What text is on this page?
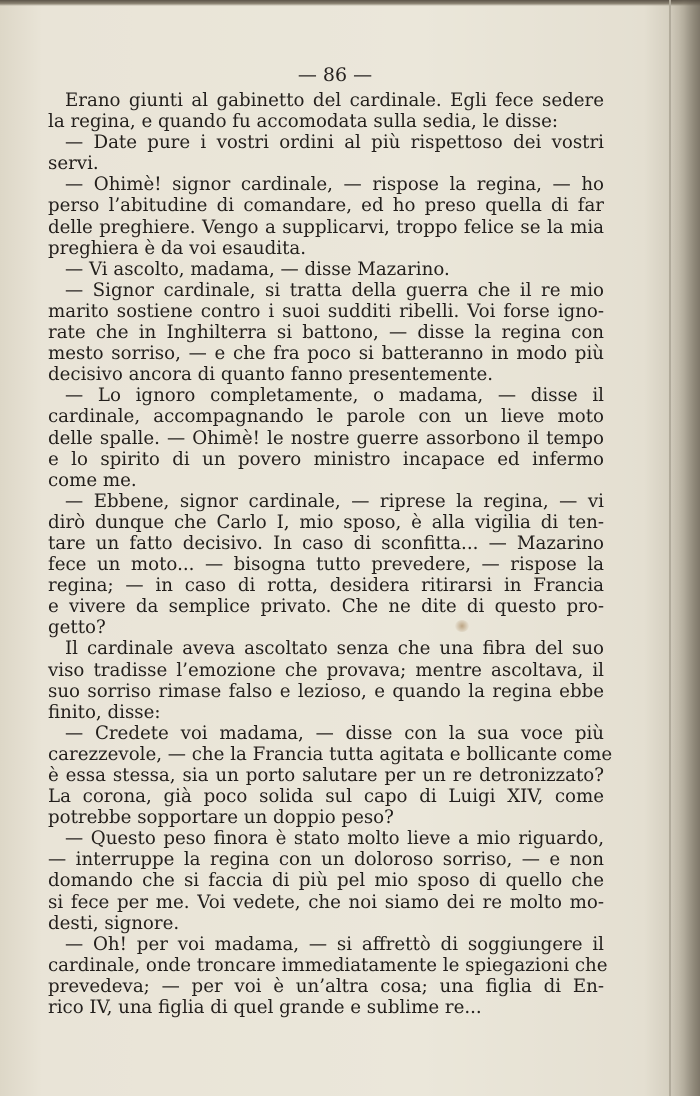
— 86 —
Erano giunti al gabinetto del cardinale. Egli fece sedere
la regina, e quando fu accomodata sulla sedia, le disse:
— Date pure i vostri ordini al più rispettoso dei vostri
servi.
— Ohimè! signor cardinale, — rispose la regina, — ho
perso l’abitudine di comandare, ed ho preso quella di far
delle preghiere. Vengo a supplicarvi, troppo felice se la mia
preghiera è da voi esaudita.
— Vi ascolto, madama, — disse Mazarino.
— Signor cardinale, si tratta della guerra che il re mio
marito sostiene contro i suoi sudditi ribelli. Voi forse igno-
rate che in Inghilterra si battono, — disse la regina con
mesto sorriso, — e che fra poco si batteranno in modo più
decisivo ancora di quanto fanno presentemente.
— Lo ignoro completamente, o madama, — disse il
cardinale, accompagnando le parole con un lieve moto
delle spalle. — Ohimè! le nostre guerre assorbono il tempo
e lo spirito di un povero ministro incapace ed infermo
come me.
— Ebbene, signor cardinale, — riprese la regina, — vi
dirò dunque che Carlo I, mio sposo, è alla vigilia di ten-
tare un fatto decisivo. In caso di sconfitta... — Mazarino
fece un moto... — bisogna tutto prevedere, — rispose la
regina; — in caso di rotta, desidera ritirarsi in Francia
e vivere da semplice privato. Che ne dite di questo pro-
getto?
Il cardinale aveva ascoltato senza che una fibra del suo
viso tradisse l’emozione che provava; mentre ascoltava, il
suo sorriso rimase falso e lezioso, e quando la regina ebbe
finito, disse:
— Credete voi madama, — disse con la sua voce più
carezzevole, — che la Francia tutta agitata e bollicante come
è essa stessa, sia un porto salutare per un re detronizzato?
La corona, già poco solida sul capo di Luigi XIV, come
potrebbe sopportare un doppio peso?
— Questo peso finora è stato molto lieve a mio riguardo,
— interruppe la regina con un doloroso sorriso, — e non
domando che si faccia di più pel mio sposo di quello che
si fece per me. Voi vedete, che noi siamo dei re molto mo-
desti, signore.
— Oh! per voi madama, — si affrettò di soggiungere il
cardinale, onde troncare immediatamente le spiegazioni che
prevedeva; — per voi è un’altra cosa; una figlia di En-
rico IV, una figlia di quel grande e sublime re...
